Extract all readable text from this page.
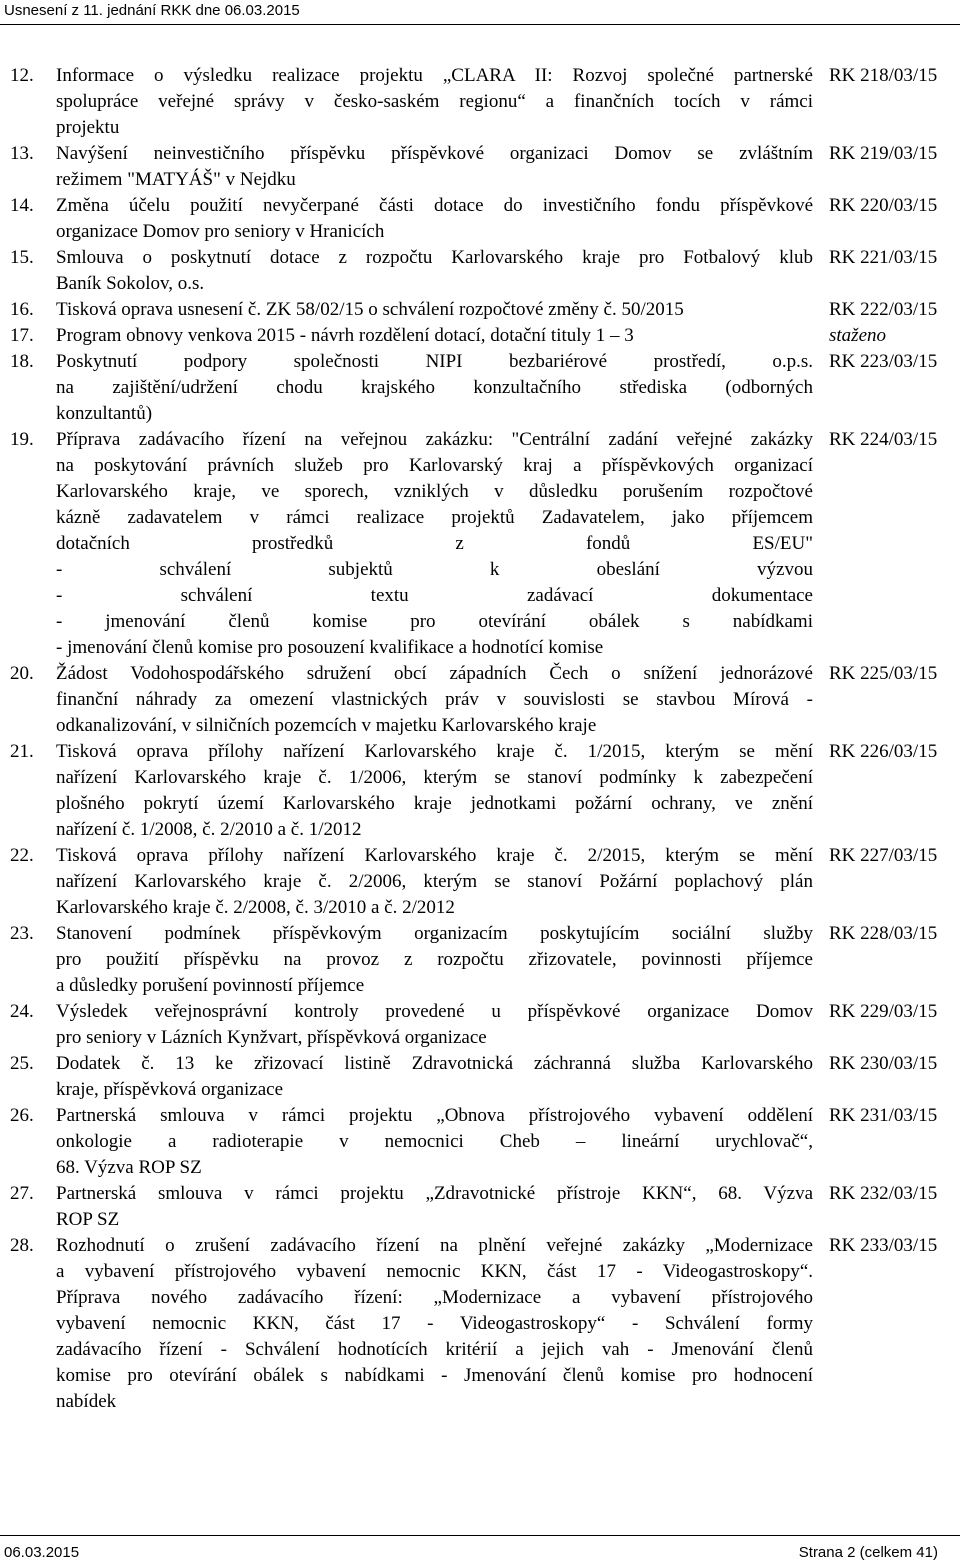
Usnesení z 11. jednání RKK dne 06.03.2015
12.	Informace o výsledku realizace projektu „CLARA II: Rozvoj společné partnerské
spolupráce veřejné správy v česko-saském regionu“ a finančních tocích v rámci
projektu
RK 218/03/15
13.	Navýšení neinvestičního příspěvku příspěvkové organizaci Domov se zvláštním
režimem "MATYÁŠ" v Nejdku
RK 219/03/15
14.	Změna účelu použití nevyčerpané části dotace do investičního fondu příspěvkové
organizace Domov pro seniory v Hranicích
RK 220/03/15
15.	Smlouva o poskytnutí dotace z rozpočtu Karlovarského kraje pro Fotbalový klub
Baník Sokolov, o.s.
RK 221/03/15
16.	Tisková oprava usnesení č. ZK 58/02/15 o schválení rozpočtové změny č. 50/2015	RK 222/03/15
17.	Program obnovy venkova 2015 - návrh rozdělení dotací, dotační tituly 1 – 3	staženo
18.	Poskytnutí podpory společnosti NIPI bezbariérové prostředí, o.p.s.
na zajištění/udržení chodu krajského konzultačního střediska (odborných
konzultantů)
RK 223/03/15
19.	Příprava zadávacího řízení na veřejnou zakázku: "Centrální zadání veřejné zakázky
na poskytování právních služeb pro Karlovarský kraj a příspěvkových organizací
Karlovarského kraje, ve sporech, vzniklých v důsledku porušením rozpočtové
kázně zadavatelem v rámci realizace projektů Zadavatelem, jako příjemcem
dotačních prostředků z fondů ES/EU"
- schválení subjektů k obeslání výzvou
- schválení textu zadávací dokumentace
- jmenování členů komise pro otevírání obálek s nabídkami
- jmenování členů komise pro posouzení kvalifikace a hodnotící komise
RK 224/03/15
20.	Žádost Vodohospodářského sdružení obcí západních Čech o snížení jednorázové
finanční náhrady za omezení vlastnických práv v souvislosti se stavbou Mírová -
odkanalizování, v silničních pozemcích v majetku Karlovarského kraje
RK 225/03/15
21.	Tisková oprava přílohy nařízení Karlovarského kraje č. 1/2015, kterým se mění
nařízení Karlovarského kraje č. 1/2006, kterým se stanoví podmínky k zabezpečení
plošného pokrytí území Karlovarského kraje jednotkami požární ochrany, ve znění
nařízení č. 1/2008, č. 2/2010 a č. 1/2012
RK 226/03/15
22.	Tisková oprava přílohy nařízení Karlovarského kraje č. 2/2015, kterým se mění
nařízení Karlovarského kraje č. 2/2006, kterým se stanoví Požární poplachový plán
Karlovarského kraje č. 2/2008, č. 3/2010 a č. 2/2012
RK 227/03/15
23.	Stanovení podmínek příspěvkovým organizacím poskytujícím sociální služby
pro použití příspěvku na provoz z rozpočtu zřizovatele, povinnosti příjemce
a důsledky porušení povinností příjemce
RK 228/03/15
24.	Výsledek veřejnosprávní kontroly provedené u příspěvkové organizace Domov
pro seniory v Lázních Kynžvart, příspěvková organizace
RK 229/03/15
25.	Dodatek č. 13 ke zřizovací listině Zdravotnická záchranná služba Karlovarského
kraje, příspěvková organizace
RK 230/03/15
26.	Partnerská smlouva v rámci projektu „Obnova přístrojového vybavení oddělení
onkologie a radioterapie v nemocnici Cheb – lineární urychlovač“,
68. Výzva ROP SZ
RK 231/03/15
27.	Partnerská smlouva v rámci projektu „Zdravotnické přístroje KKN“, 68. Výzva
ROP SZ
RK 232/03/15
28.	Rozhodnutí o zrušení zadávacího řízení na plnění veřejné zakázky „Modernizace
a vybavení přístrojového vybavení nemocnic KKN, část 17 - Videogastroskopy“.
Příprava nového zadávacího řízení: „Modernizace a vybavení přístrojového
vybavení nemocnic KKN, část 17 - Videogastroskopy“ - Schválení formy
zadávacího řízení - Schválení hodnotících kritérií a jejich vah - Jmenování členů
komise pro otevírání obálek s nabídkami - Jmenování členů komise pro hodnocení
nabídek
RK 233/03/15
06.03.2015	Strana 2 (celkem 41)
